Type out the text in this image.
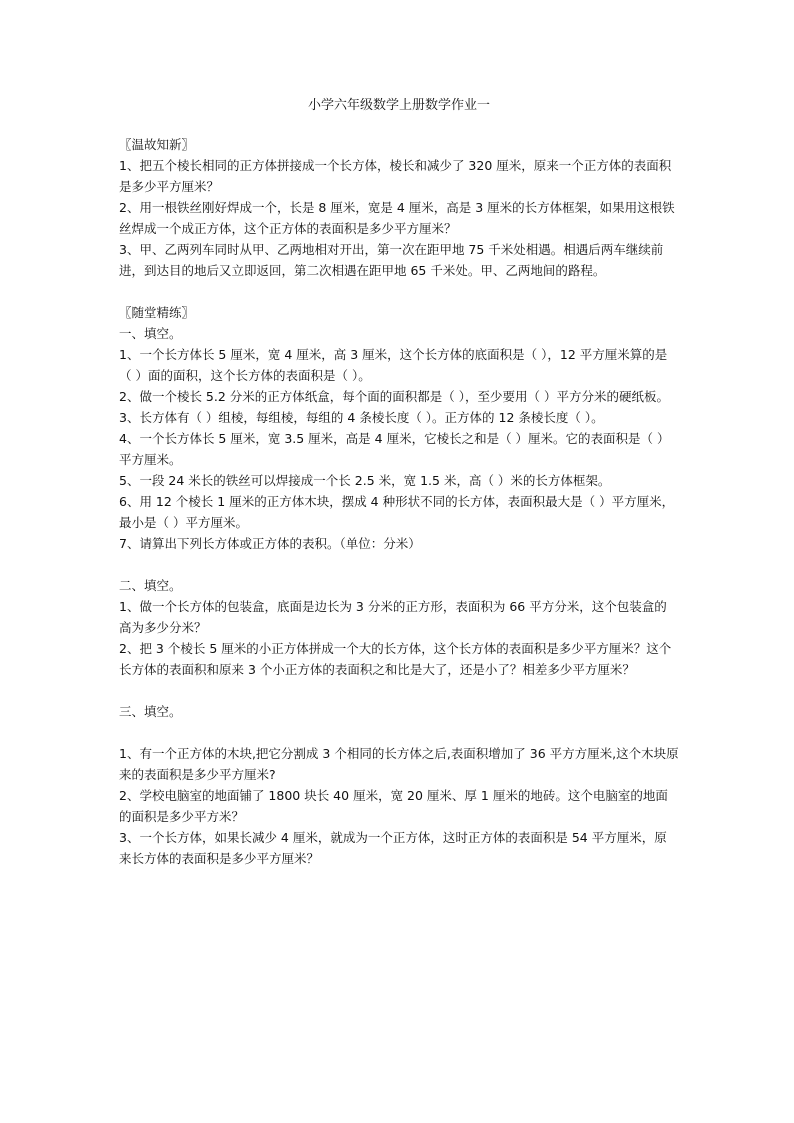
小学六年级数学上册数学作业一

〖温故知新〗

1、把五个棱长相同的正方体拼接成一个长方体，棱长和减少了 320 厘米，原来一个正方体的表面积是多少平方厘米？

2、用一根铁丝刚好焊成一个，长是 8 厘米，宽是 4 厘米，高是 3 厘米的长方体框架，如果用这根铁丝焊成一个成正方体，这个正方体的表面积是多少平方厘米？

3、甲、乙两列车同时从甲、乙两地相对开出，第一次在距甲地 75 千米处相遇。相遇后两车继续前进，到达目的地后又立即返回，第二次相遇在距甲地 65 千米处。甲、乙两地间的路程。

〖随堂精练〗

一、填空。

1、一个长方体长 5 厘米，宽 4 厘米，高 3 厘米，这个长方体的底面积是（ ），12 平方厘米算的是（ ）面的面积，这个长方体的表面积是（ ）。

2、做一个棱长 5.2 分米的正方体纸盒，每个面的面积都是（ ），至少要用（ ）平方分米的硬纸板。

3、长方体有（ ）组棱，每组棱，每组的 4 条棱长度（ ）。正方体的 12 条棱长度（ ）。

4、一个长方体长 5 厘米，宽 3.5 厘米，高是 4 厘米，它棱长之和是（ ）厘米。它的表面积是（ ）平方厘米。

5、一段 24 米长的铁丝可以焊接成一个长 2.5 米，宽 1.5 米，高（ ）米的长方体框架。

6、用 12 个棱长 1 厘米的正方体木块，摆成 4 种形状不同的长方体，表面积最大是（ ）平方厘米，最小是（ ）平方厘米。

7、请算出下列长方体或正方体的表积。（单位：分米）

二、填空。

1、做一个长方体的包装盒，底面是边长为 3 分米的正方形，表面积为 66 平方分米，这个包装盒的高为多少分米？

2、把 3 个棱长 5 厘米的小正方体拼成一个大的长方体，这个长方体的表面积是多少平方厘米？这个长方体的表面积和原来 3 个小正方体的表面积之和比是大了，还是小了？相差多少平方厘米？

三、填空。

1、有一个正方体的木块,把它分割成 3 个相同的长方体之后,表面积增加了 36 平方方厘米,这个木块原来的表面积是多少平方厘米?

2、学校电脑室的地面铺了 1800 块长 40 厘米，宽 20 厘米、厚 1 厘米的地砖。这个电脑室的地面的面积是多少平方米？

3、一个长方体，如果长减少 4 厘米，就成为一个正方体，这时正方体的表面积是 54 平方厘米，原来长方体的表面积是多少平方厘米？
